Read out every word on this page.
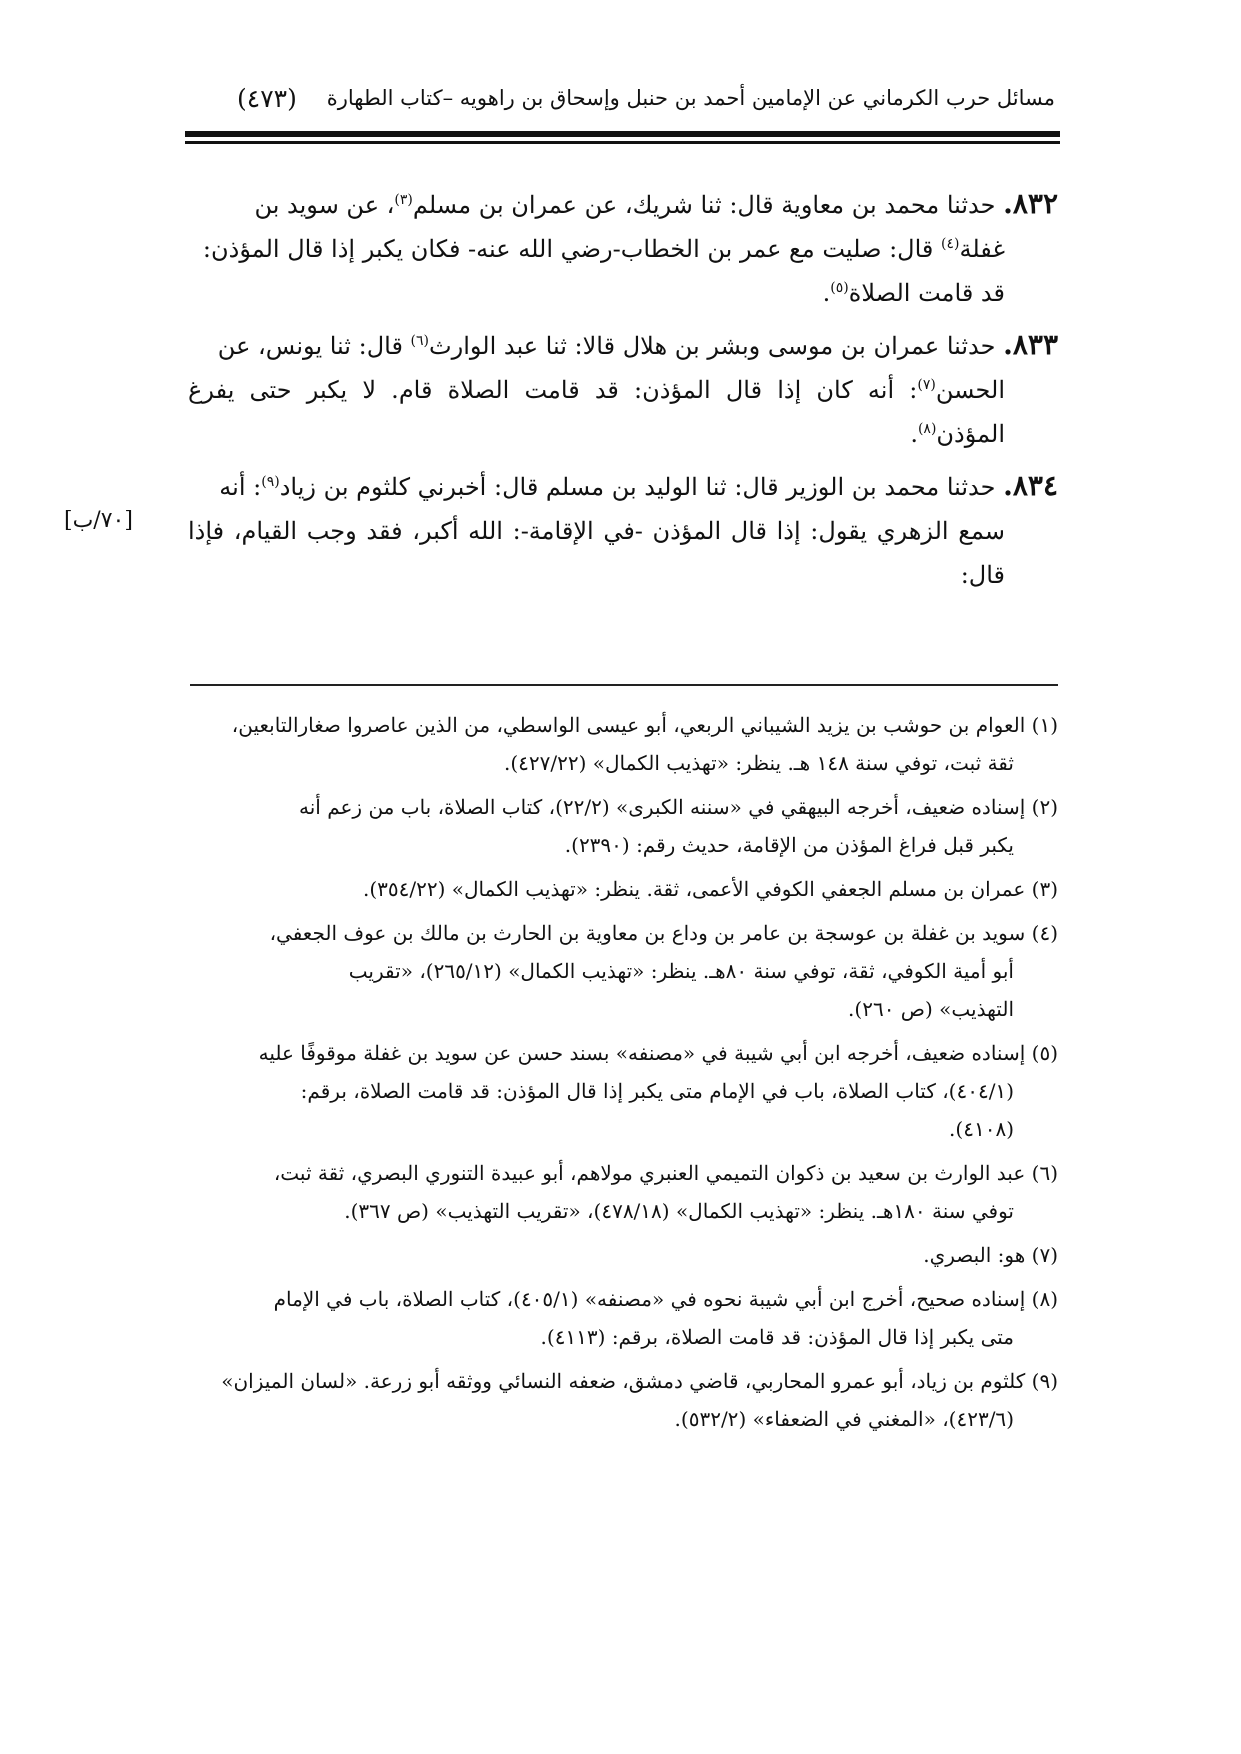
مسائل حرب الكرماني عن الإمامين أحمد بن حنبل وإسحاق بن راهويه –كتاب الطهارة
(٤٧٣)
٨٣٢. حدثنا محمد بن معاوية قال: ثنا شريك، عن عمران بن مسلم$^{(٣)}$، عن سويد بن
غفلة$^{(٤)}$ قال: صليت مع عمر بن الخطاب-رضي الله عنه- فكان يكبر إذا قال المؤذن:
قد قامت الصلاة$^{(٥)}$.
٨٣٣. حدثنا عمران بن موسى وبشر بن هلال قالا: ثنا عبد الوارث$^{(٦)}$ قال: ثنا يونس، عن
الحسن$^{(٧)}$: أنه كان إذا قال المؤذن: قد قامت الصلاة قام. لا يكبر حتى يفرغ المؤذن$^{(٨)}$.
٨٣٤. حدثنا محمد بن الوزير قال: ثنا الوليد بن مسلم قال: أخبرني كلثوم بن زياد$^{(٩)}$: أنه
سمع الزهري يقول: إذا قال المؤذن -في الإقامة-: الله أكبر، فقد وجب القيام، فإذا قال:
[٧٠/ب]
(١) العوام بن حوشب بن يزيد الشيباني الربعي، أبو عيسى الواسطي، من الذين عاصروا صغارالتابعين،
ثقة ثبت، توفي سنة ١٤٨ هـ. ينظر: «تهذيب الكمال» (٤٢٧/٢٢).
(٢) إسناده ضعيف، أخرجه البيهقي في «سننه الكبرى» (٢٢/٢)، كتاب الصلاة، باب من زعم أنه
يكبر قبل فراغ المؤذن من الإقامة، حديث رقم: (٢٣٩٠).
(٣) عمران بن مسلم الجعفي الكوفي الأعمى، ثقة. ينظر: «تهذيب الكمال» (٣٥٤/٢٢).
(٤) سويد بن غفلة بن عوسجة بن عامر بن وداع بن معاوية بن الحارث بن مالك بن عوف الجعفي،
أبو أمية الكوفي، ثقة، توفي سنة ٨٠هـ. ينظر: «تهذيب الكمال» (٢٦٥/١٢)، «تقريب
التهذيب» (ص ٢٦٠).
(٥) إسناده ضعيف، أخرجه ابن أبي شيبة في «مصنفه» بسند حسن عن سويد بن غفلة موقوفًا عليه
(٤٠٤/١)، كتاب الصلاة، باب في الإمام متى يكبر إذا قال المؤذن: قد قامت الصلاة، برقم:
(٤١٠٨).
(٦) عبد الوارث بن سعيد بن ذكوان التميمي العنبري مولاهم، أبو عبيدة التنوري البصري، ثقة ثبت،
توفي سنة ١٨٠هـ. ينظر: «تهذيب الكمال» (٤٧٨/١٨)، «تقريب التهذيب» (ص ٣٦٧).
(٧) هو: البصري.
(٨) إسناده صحيح، أخرج ابن أبي شيبة نحوه في «مصنفه» (٤٠٥/١)، كتاب الصلاة، باب في الإمام
متى يكبر إذا قال المؤذن: قد قامت الصلاة، برقم: (٤١١٣).
(٩) كلثوم بن زياد، أبو عمرو المحاربي، قاضي دمشق، ضعفه النسائي ووثقه أبو زرعة. «لسان الميزان»
(٤٢٣/٦)، «المغني في الضعفاء» (٥٣٢/٢).
